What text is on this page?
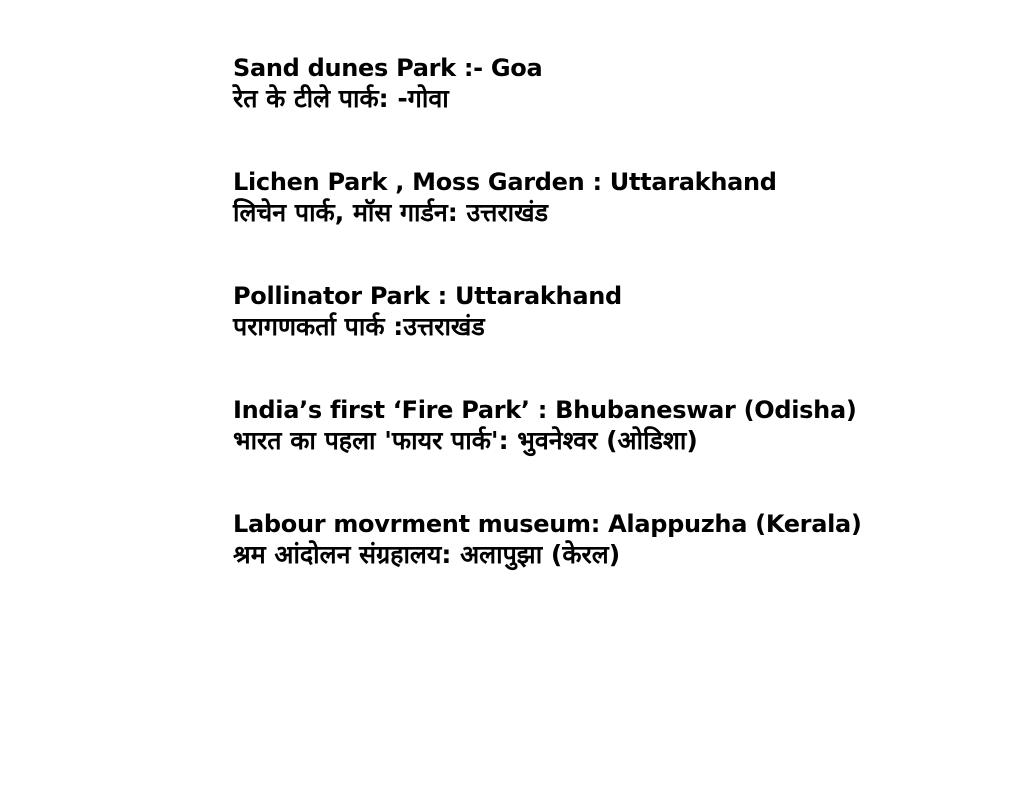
Sand dunes Park :- Goa
रेत के टीले पार्क: -गोवा
Lichen Park , Moss Garden : Uttarakhand
लिचेन पार्क, मॉस गार्डन: उत्तराखंड
Pollinator Park : Uttarakhand
परागणकर्ता पार्क :उत्तराखंड
India’s first ‘Fire Park’ : Bhubaneswar (Odisha)
भारत का पहला 'फायर पार्क': भुवनेश्वर (ओडिशा)
Labour movrment museum: Alappuzha (Kerala)
श्रम आंदोलन संग्रहालय: अलापुझा (केरल)
